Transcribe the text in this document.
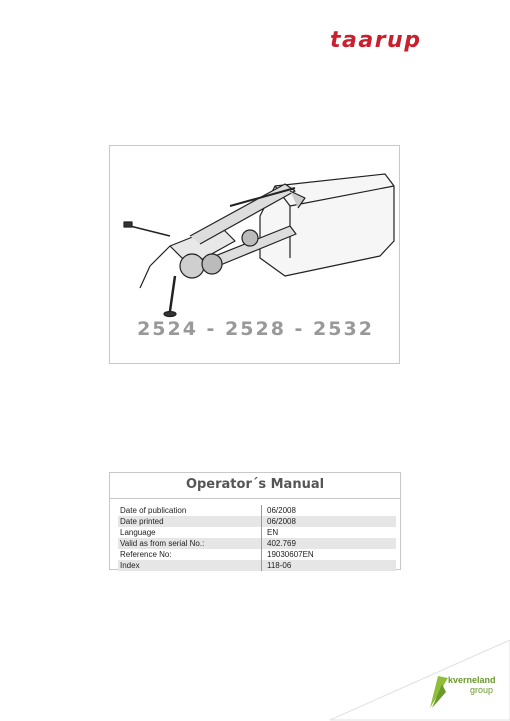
taarup
2524 - 2528 - 2532
Operator´s Manual
Date of publication	06/2008
Date printed	06/2008
Language	EN
Valid as from serial No.:	402.769
Reference No:	19030607EN
Index	118-06
kverneland
group
